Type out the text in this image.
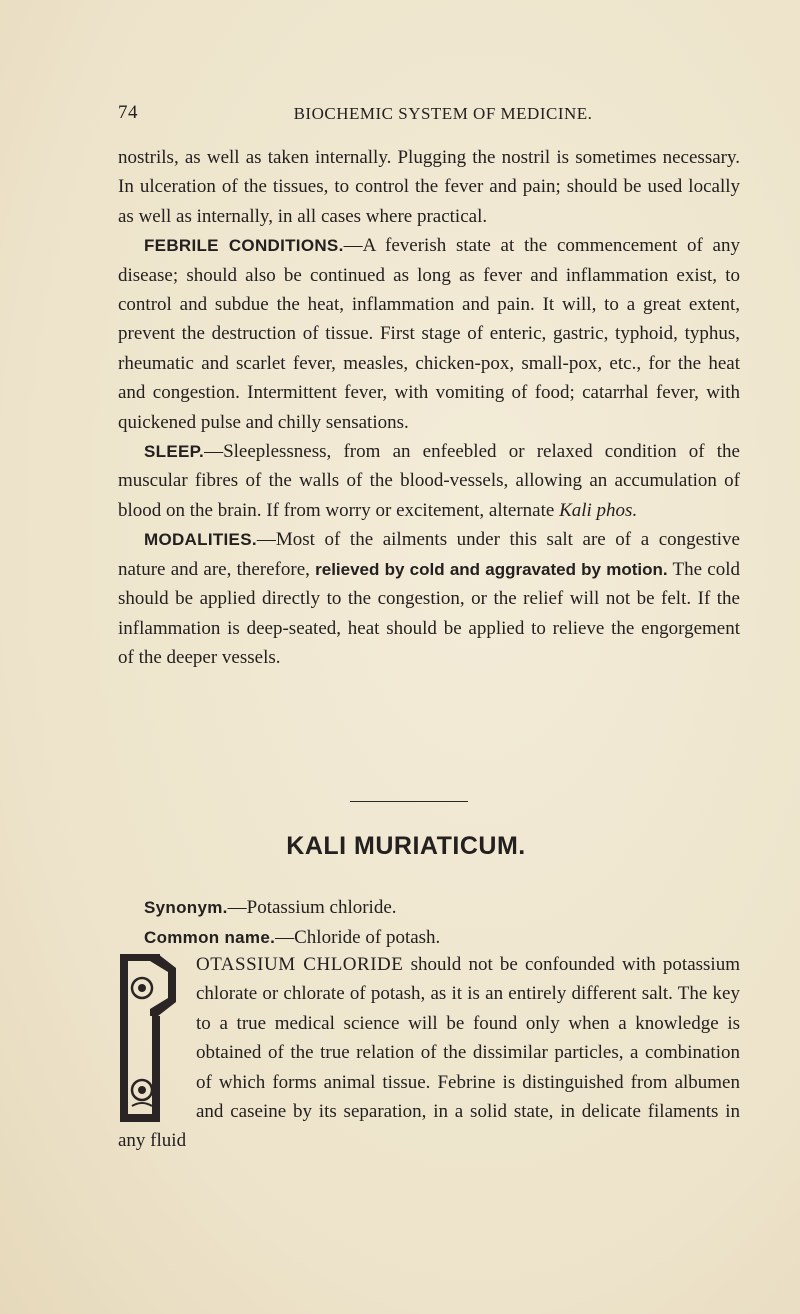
74	BIOCHEMIC SYSTEM OF MEDICINE.

nostrils, as well as taken internally. Plugging the nostril is sometimes necessary. In ulceration of the tissues, to control the fever and pain; should be used locally as well as internally, in all cases where practical.

FEBRILE CONDITIONS.—A feverish state at the commencement of any disease; should also be continued as long as fever and inflammation exist, to control and subdue the heat, inflammation and pain. It will, to a great extent, prevent the destruction of tissue. First stage of enteric, gastric, typhoid, typhus, rheumatic and scarlet fever, measles, chicken-pox, small-pox, etc., for the heat and congestion. Intermittent fever, with vomiting of food; catarrhal fever, with quickened pulse and chilly sensations.

SLEEP.—Sleeplessness, from an enfeebled or relaxed condition of the muscular fibres of the walls of the blood-vessels, allowing an accumulation of blood on the brain. If from worry or excitement, alternate Kali phos.

MODALITIES.—Most of the ailments under this salt are of a congestive nature and are, therefore, relieved by cold and aggravated by motion. The cold should be applied directly to the congestion, or the relief will not be felt. If the inflammation is deep-seated, heat should be applied to relieve the engorgement of the deeper vessels.

KALI MURIATICUM.

Synonym.—Potassium chloride.

Common name.—Chloride of potash.

OTASSIUM CHLORIDE should not be confounded with potassium chlorate or chlorate of potash, as it is an entirely different salt. The key to a true medical science will be found only when a knowledge is obtained of the true relation of the dissimilar particles, a combination of which forms animal tissue. Febrine is distinguished from albumen and caseine by its separation, in a solid state, in delicate filaments in any fluid
